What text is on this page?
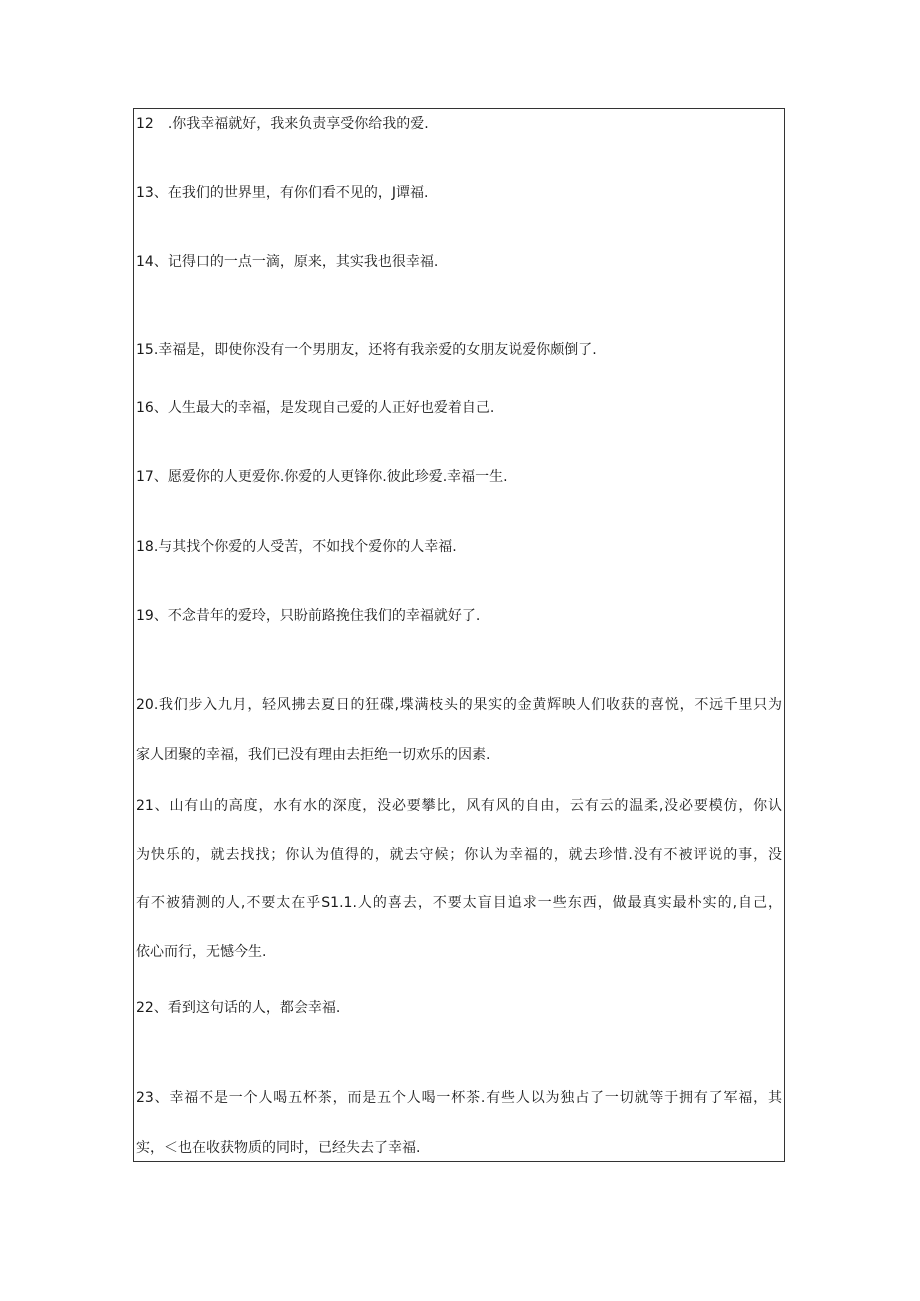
12　.你我幸福就好，我来负责享受你给我的爱.
13、在我们的世界里，有你们看不见的，J谭福.
14、记得口的一点一滴，原来，其实我也很幸福.
15.幸福是，即使你没有一个男朋友，还将有我亲爱的女朋友说爱你颇倒了.
16、人生最大的幸福，是发现自己爱的人正好也爱着自己.
17、愿爱你的人更爱你.你爱的人更锋你.彼此珍爱.幸福一生.
18.与其找个你爱的人受苦，不如找个爱你的人幸福.
19、不念昔年的爱玲，只盼前路挽住我们的幸福就好了.
20.我们步入九月，轻风拂去夏日的狂碟,堞满枝头的果实的金黄辉映人们收获的喜悦，不远千里只为
家人团聚的幸福，我们已没有理由去拒绝一切欢乐的因素.
21、山有山的高度，水有水的深度，没必要攀比，风有风的自由，云有云的温柔,没必要模仿，你认
为快乐的，就去找找；你认为值得的，就去守候；你认为幸福的，就去珍惜.没有不被评说的事，没
有不被猜测的人,不要太在乎S1.1.人的喜去，不要太盲目追求一些东西，做最真实最朴实的,自己，
依心而行，无憾今生.
22、看到这句话的人，都会幸福.
23、幸福不是一个人喝五杯茶，而是五个人喝一杯茶.有些人以为独占了一切就等于拥有了军福，其
实，＜也在收获物质的同时，已经失去了幸福.
